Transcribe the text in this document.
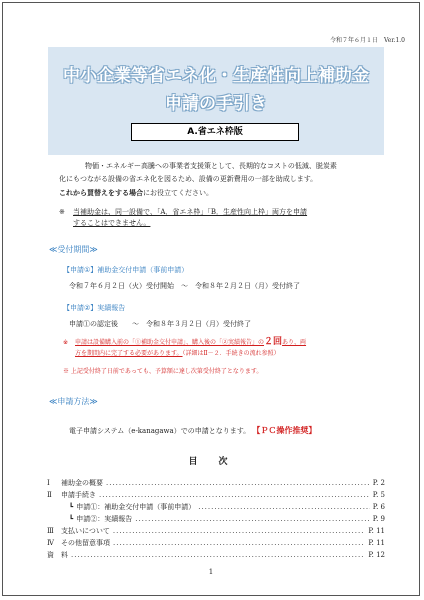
令和７年６月１日　Ver.1.0
中小企業等省エネ化・生産性向上補助金
申請の手引き
A.省エネ枠版
物価・エネルギー高騰への事業者支援策として、長期的なコストの低減、脱炭素
化にもつながる設備の省エネ化を図るため、設備の更新費用の一部を助成します。
これから買替えをする場合にお役立てください。
※	当補助金は、同一設備で、「A．省エネ枠」「B．生産性向上枠」両方を申請
することはできません。
≪受付期間≫
【申請①】補助金交付申請（事前申請）
令和７年６月２日（火）受付開始　～　令和８年２月２日（月）受付終了
【申請②】実績報告
申請①の認定後　　～　令和８年３月２日（月）受付終了
※	申請は設備購入前の「①補助金交付申請」、購入後の「②実績報告」の２回あり、両
方を期間内に完了する必要があります。（詳細はⅡ－２．手続きの流れ参照）
※ 上記受付終了日前であっても、予算額に達し次第受付終了となります。
≪申請方法≫
電子申請システム（e-kanagawa）での申請となります。 【ＰＣ操作推奨】
目　次
Ⅰ	補助金の概要 .....	P. 2
Ⅱ	申請手続き .....	P. 5
┗ 申請①：補助金交付申請（事前申請） .....	P. 6
┗ 申請②：実績報告 .....	P. 9
Ⅲ	支払いについて .....	P. 11
Ⅳ	その他留意事項 .....	P. 11
資	料 .....	P. 12
1
